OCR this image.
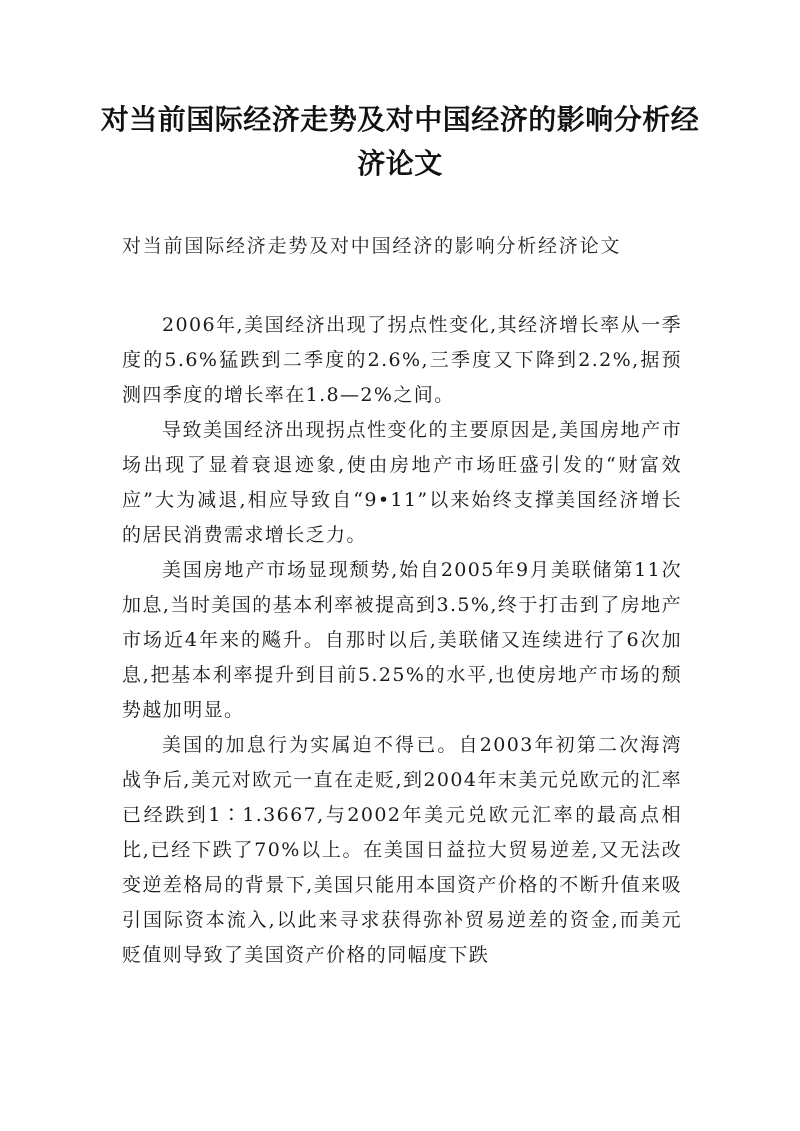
对当前国际经济走势及对中国经济的影响分析经济论文
对当前国际经济走势及对中国经济的影响分析经济论文

2006年,美国经济出现了拐点性变化,其经济增长率从一季度的5.6%猛跌到二季度的2.6%,三季度又下降到2.2%,据预测四季度的增长率在1.8—2%之间。

导致美国经济出现拐点性变化的主要原因是,美国房地产市场出现了显着衰退迹象,使由房地产市场旺盛引发的“财富效应”大为减退,相应导致自“9•11”以来始终支撑美国经济增长的居民消费需求增长乏力。

美国房地产市场显现颓势,始自2005年9月美联储第11次加息,当时美国的基本利率被提高到3.5%,终于打击到了房地产市场近4年来的飚升。自那时以后,美联储又连续进行了6次加息,把基本利率提升到目前5.25%的水平,也使房地产市场的颓势越加明显。

美国的加息行为实属迫不得已。自2003年初第二次海湾战争后,美元对欧元一直在走贬,到2004年末美元兑欧元的汇率已经跌到1∶1.3667,与2002年美元兑欧元汇率的最高点相比,已经下跌了70%以上。在美国日益拉大贸易逆差,又无法改变逆差格局的背景下,美国只能用本国资产价格的不断升值来吸引国际资本流入,以此来寻求获得弥补贸易逆差的资金,而美元贬值则导致了美国资产价格的同幅度下跌
